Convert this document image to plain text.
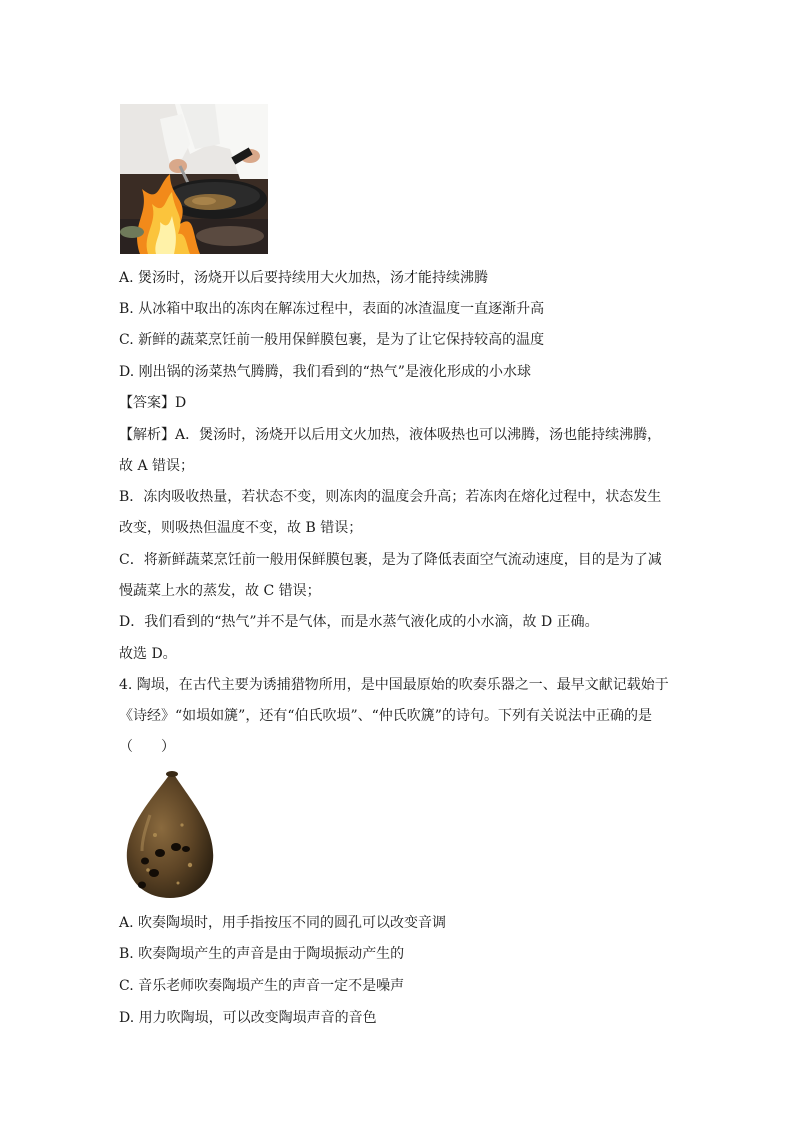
A. 煲汤时，汤烧开以后要持续用大火加热，汤才能持续沸腾
B. 从冰箱中取出的冻肉在解冻过程中，表面的冰渣温度一直逐渐升高
C. 新鲜的蔬菜烹饪前一般用保鲜膜包裹，是为了让它保持较高的温度
D. 刚出锅的汤菜热气腾腾，我们看到的“热气”是液化形成的小水球
【答案】D
【解析】A．煲汤时，汤烧开以后用文火加热，液体吸热也可以沸腾，汤也能持续沸腾，
故 A 错误；
B．冻肉吸收热量，若状态不变，则冻肉的温度会升高；若冻肉在熔化过程中，状态发生
改变，则吸热但温度不变，故 B 错误；
C．将新鲜蔬菜烹饪前一般用保鲜膜包裹，是为了降低表面空气流动速度，目的是为了减
慢蔬菜上水的蒸发，故 C 错误；
D．我们看到的“热气”并不是气体，而是水蒸气液化成的小水滴，故 D 正确。
故选 D。
4. 陶埙，在古代主要为诱捕猎物所用，是中国最原始的吹奏乐器之一、最早文献记载始于
《诗经》“如埙如篪”，还有“伯氏吹埙”、“仲氏吹篪”的诗句。下列有关说法中正确的是
（　　）
A. 吹奏陶埙时，用手指按压不同的圆孔可以改变音调
B. 吹奏陶埙产生的声音是由于陶埙振动产生的
C. 音乐老师吹奏陶埙产生的声音一定不是噪声
D. 用力吹陶埙，可以改变陶埙声音的音色
